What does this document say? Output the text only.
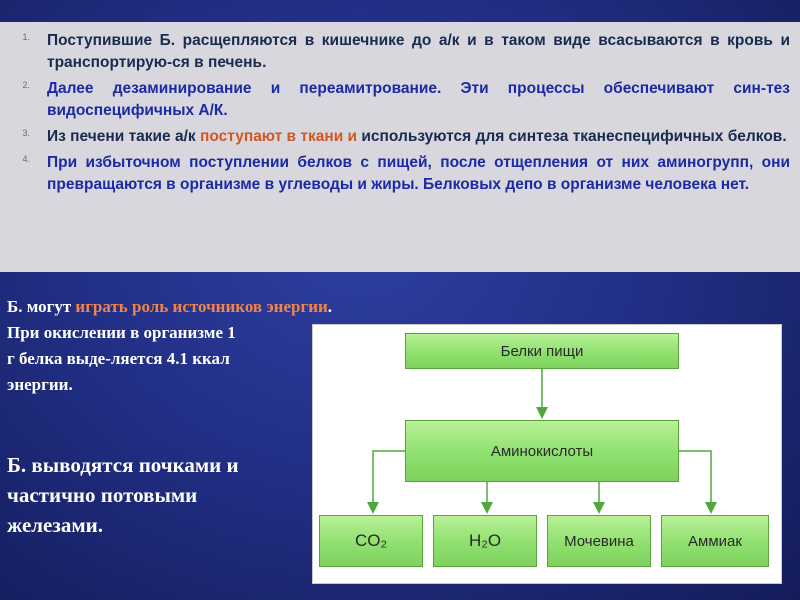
1. Поступившие Б. расщепляются в кишечнике до а/к и в таком виде всасываются в кровь и транспортирую-ся в печень.
2. Далее дезаминирование и переамитрование. Эти процессы обеспечивают син-тез видоспецифичных А/К.
3. Из печени такие а/к поступают в ткани и используются для синтеза тканеспецифичных белков.
4. При избыточном поступлении белков с пищей, после отщепления от них аминогрупп, они превращаются в организме в углеводы и жиры. Белковых депо в организме человека нет.
Б. могут играть роль источников энергии.
При окислении в организме 1 г белка выде-ляется 4.1 ккал энергии.
Б. выводятся почками и частично потовыми железами.
Белки пищи
Аминокислоты
CO₂	H₂O	Мочевина	Аммиак
